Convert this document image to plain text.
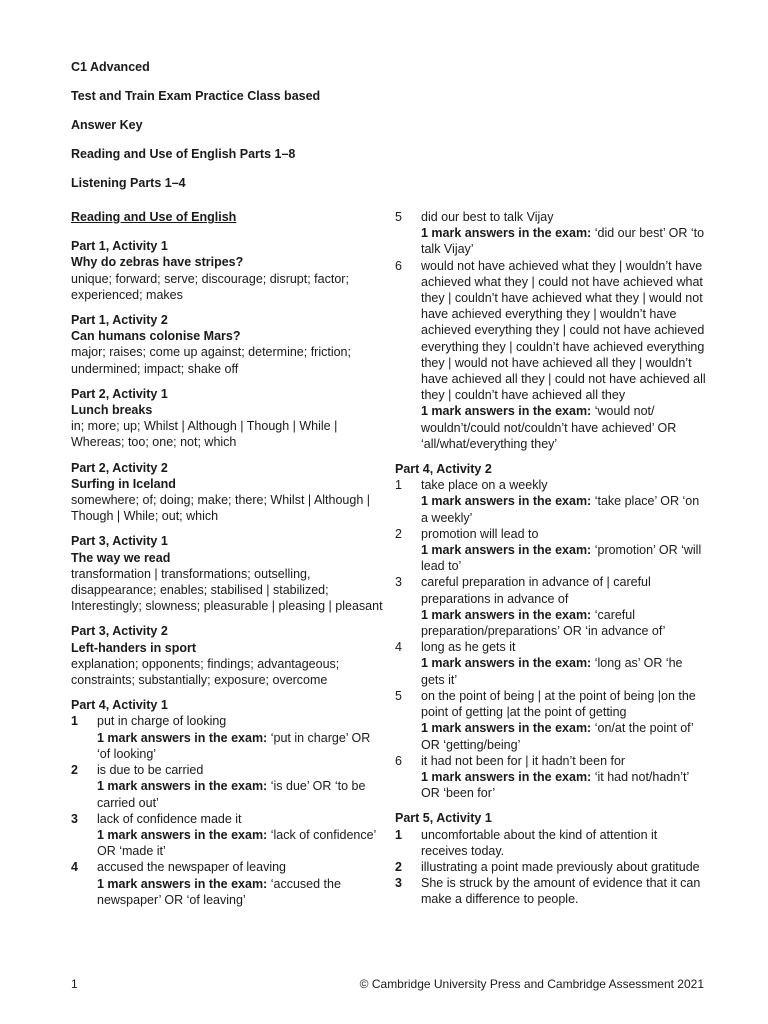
C1 Advanced
Test and Train Exam Practice Class based
Answer Key
Reading and Use of English Parts 1–8
Listening Parts 1–4
Reading and Use of English
Part 1, Activity 1
Why do zebras have stripes?
unique; forward; serve; discourage; disrupt; factor; experienced; makes
Part 1, Activity 2
Can humans colonise Mars?
major; raises; come up against; determine; friction; undermined; impact; shake off
Part 2, Activity 1
Lunch breaks
in; more; up; Whilst | Although | Though | While | Whereas; too; one; not; which
Part 2, Activity 2
Surfing in Iceland
somewhere; of; doing; make; there; Whilst | Although | Though | While; out; which
Part 3, Activity 1
The way we read
transformation | transformations; outselling, disappearance; enables; stabilised | stabilized; Interestingly; slowness; pleasurable | pleasing | pleasant
Part 3, Activity 2
Left-handers in sport
explanation; opponents; findings; advantageous; constraints; substantially; exposure; overcome
Part 4, Activity 1
1	put in charge of looking
1 mark answers in the exam: ‘put in charge’ OR ‘of looking’
2	is due to be carried
1 mark answers in the exam: ‘is due’ OR ‘to be carried out’
3	lack of confidence made it
1 mark answers in the exam: ‘lack of confidence’ OR ‘made it’
4	accused the newspaper of leaving
1 mark answers in the exam: ‘accused the newspaper’ OR ‘of leaving’
5	did our best to talk Vijay
1 mark answers in the exam: ‘did our best’ OR ‘to talk Vijay’
6	would not have achieved what they | wouldn’t have achieved what they | could not have achieved what they | couldn’t have achieved what they | would not have achieved everything they | wouldn’t have achieved everything they | could not have achieved everything they | couldn’t have achieved everything they | would not have achieved all they | wouldn’t have achieved all they | could not have achieved all they | couldn’t have achieved all they
1 mark answers in the exam: ‘would not/ wouldn’t/could not/couldn’t have achieved’ OR ‘all/what/everything they’
Part 4, Activity 2
1	take place on a weekly
1 mark answers in the exam: ‘take place’ OR ‘on a weekly’
2	promotion will lead to
1 mark answers in the exam: ‘promotion’ OR ‘will lead to’
3	careful preparation in advance of | careful preparations in advance of
1 mark answers in the exam: ‘careful preparation/preparations’ OR ‘in advance of’
4	long as he gets it
1 mark answers in the exam: ‘long as’ OR ‘he gets it’
5	on the point of being | at the point of being |on the point of getting |at the point of getting
1 mark answers in the exam: ‘on/at the point of’ OR ‘getting/being’
6	it had not been for | it hadn’t been for
1 mark answers in the exam: ‘it had not/hadn’t’ OR ‘been for’
Part 5, Activity 1
1	uncomfortable about the kind of attention it receives today.
2	illustrating a point made previously about gratitude
3	She is struck by the amount of evidence that it can make a difference to people.
1	© Cambridge University Press and Cambridge Assessment 2021
